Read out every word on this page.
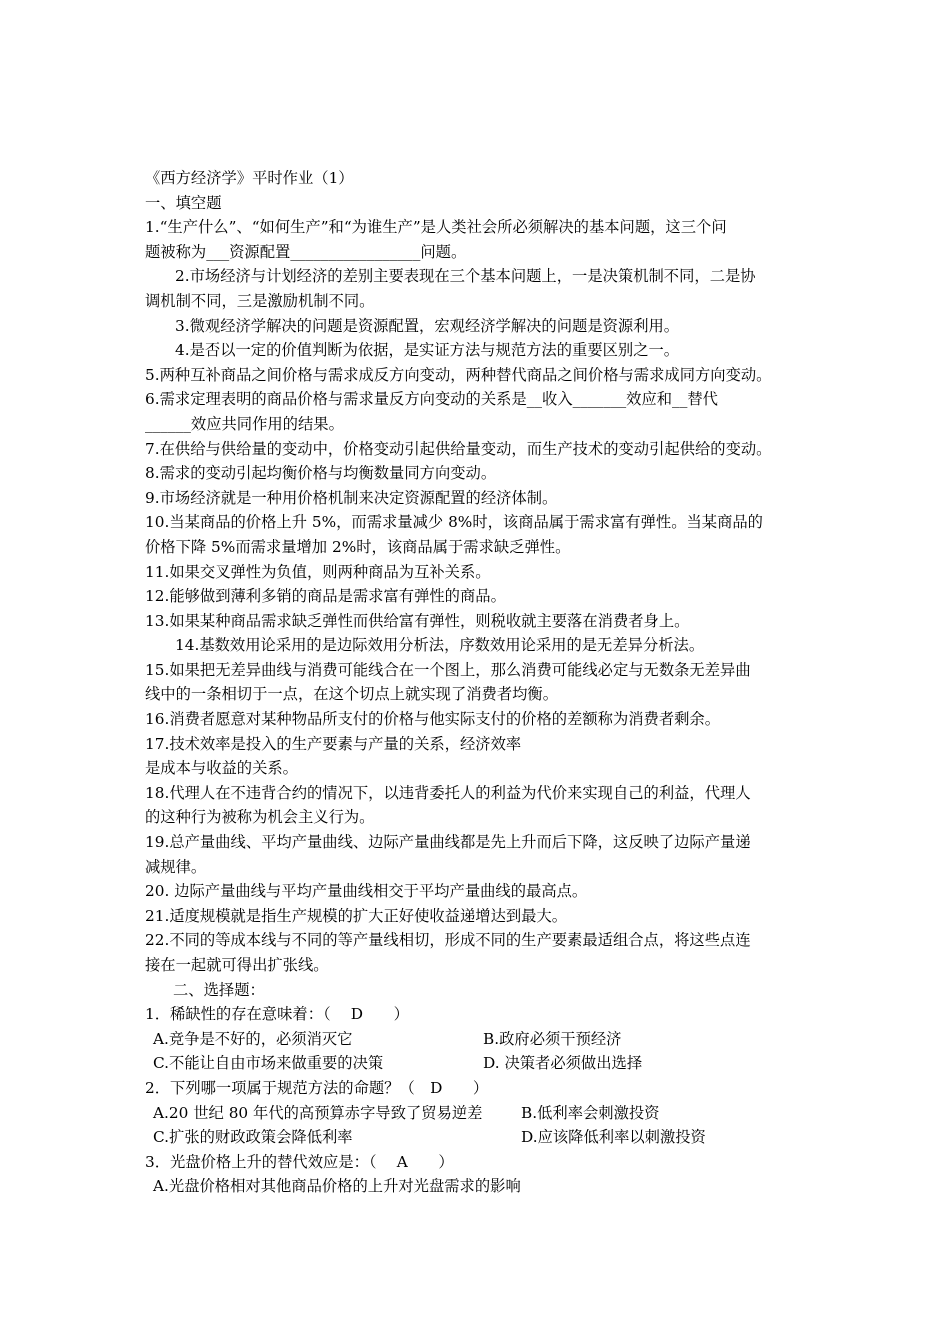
《西方经济学》平时作业（1）
一、填空题
1.“生产什么”、“如何生产”和“为谁生产”是人类社会所必须解决的基本问题，这三个问
题被称为___资源配置_________________问题。
2.市场经济与计划经济的差别主要表现在三个基本问题上，一是决策机制不同，二是协
调机制不同，三是激励机制不同。
3.微观经济学解决的问题是资源配置，宏观经济学解决的问题是资源利用。
4.是否以一定的价值判断为依据，是实证方法与规范方法的重要区别之一。
5.两种互补商品之间价格与需求成反方向变动，两种替代商品之间价格与需求成同方向变动。
6.需求定理表明的商品价格与需求量反方向变动的关系是__收入_______效应和__替代
______效应共同作用的结果。
7.在供给与供给量的变动中，价格变动引起供给量变动，而生产技术的变动引起供给的变动。
8.需求的变动引起均衡价格与均衡数量同方向变动。
9.市场经济就是一种用价格机制来决定资源配置的经济体制。
10.当某商品的价格上升 5%，而需求量减少 8%时，该商品属于需求富有弹性。当某商品的
价格下降 5%而需求量增加 2%时，该商品属于需求缺乏弹性。
11.如果交叉弹性为负值，则两种商品为互补关系。
12.能够做到薄利多销的商品是需求富有弹性的商品。
13.如果某种商品需求缺乏弹性而供给富有弹性，则税收就主要落在消费者身上。
14.基数效用论采用的是边际效用分析法，序数效用论采用的是无差异分析法。
15.如果把无差异曲线与消费可能线合在一个图上，那么消费可能线必定与无数条无差异曲
线中的一条相切于一点，在这个切点上就实现了消费者均衡。
16.消费者愿意对某种物品所支付的价格与他实际支付的价格的差额称为消费者剩余。
17.技术效率是投入的生产要素与产量的关系，经济效率
是成本与收益的关系。
18.代理人在不违背合约的情况下，以违背委托人的利益为代价来实现自己的利益，代理人
的这种行为被称为机会主义行为。
19.总产量曲线、平均产量曲线、边际产量曲线都是先上升而后下降，这反映了边际产量递
减规律。
20. 边际产量曲线与平均产量曲线相交于平均产量曲线的最高点。
21.适度规模就是指生产规模的扩大正好使收益递增达到最大。
22.不同的等成本线与不同的等产量线相切，形成不同的生产要素最适组合点，将这些点连
接在一起就可得出扩张线。
二、选择题：
1．稀缺性的存在意味着：（　 D　　）
A.竞争是不好的，必须消灭它	B.政府必须干预经济
C.不能让自由市场来做重要的决策	D. 决策者必须做出选择
2．下列哪一项属于规范方法的命题？（　D　　）
A.20 世纪 80 年代的高预算赤字导致了贸易逆差	B.低利率会刺激投资
C.扩张的财政政策会降低利率	D.应该降低利率以刺激投资
3．光盘价格上升的替代效应是：（　 A　　）
A.光盘价格相对其他商品价格的上升对光盘需求的影响
